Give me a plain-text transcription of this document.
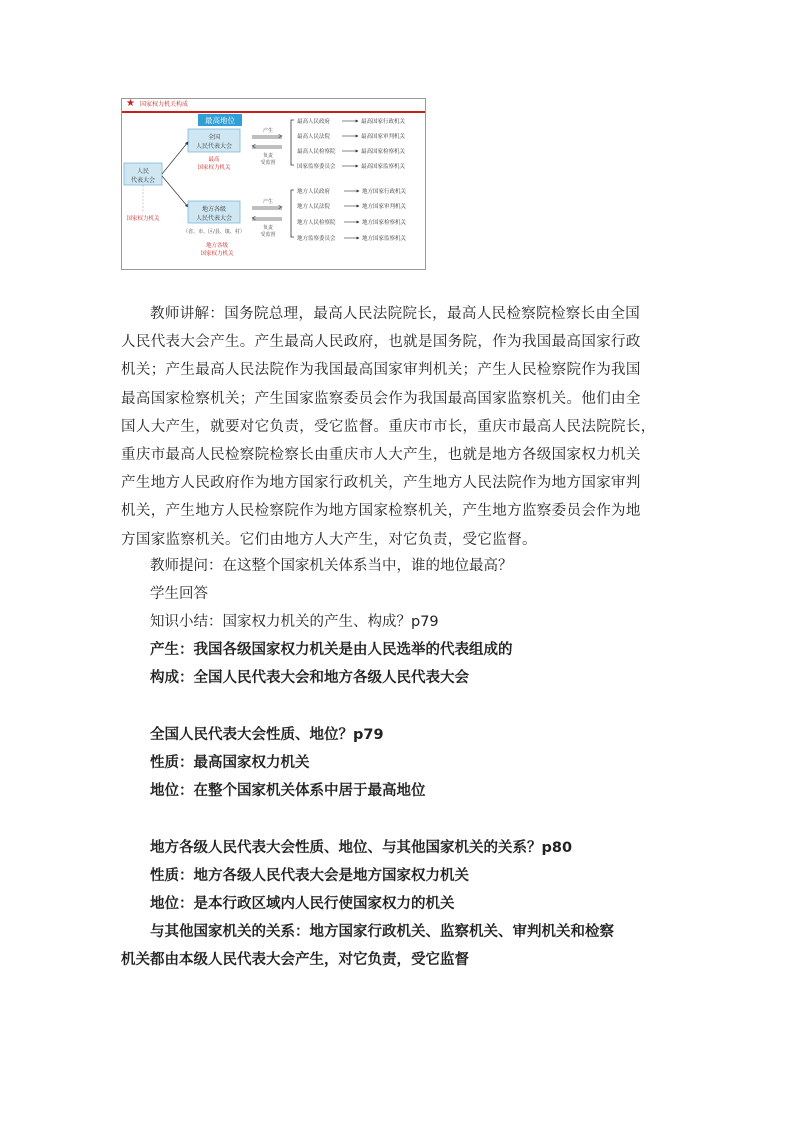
★ 国家权力机关构成
最高地位
全国
人民代表大会
最高
国家权力机关
人民
代表大会
国家权力机关
地方各级
人民代表大会
（省、市、区/县、镇、村）
地方各级
国家权力机关
产生
负责
受监督
产生
负责
受监督
最高人民政府	最高国家行政机关
最高人民法院	最高国家审判机关
最高人民检察院	最高国家检察机关
国家监察委员会	最高国家监察机关
地方人民政府	地方国家行政机关
地方人民法院	地方国家审判机关
地方人民检察院	地方国家检察机关
地方监察委员会	地方国家监察机关
教师讲解：国务院总理，最高人民法院院长，最高人民检察院检察长由全国
人民代表大会产生。产生最高人民政府，也就是国务院，作为我国最高国家行政
机关；产生最高人民法院作为我国最高国家审判机关；产生人民检察院作为我国
最高国家检察机关；产生国家监察委员会作为我国最高国家监察机关。他们由全
国人大产生，就要对它负责，受它监督。重庆市市长，重庆市最高人民法院院长，
重庆市最高人民检察院检察长由重庆市人大产生，也就是地方各级国家权力机关
产生地方人民政府作为地方国家行政机关，产生地方人民法院作为地方国家审判
机关，产生地方人民检察院作为地方国家检察机关，产生地方监察委员会作为地
方国家监察机关。它们由地方人大产生，对它负责，受它监督。
教师提问：在这整个国家机关体系当中，谁的地位最高？
学生回答
知识小结：国家权力机关的产生、构成？p79
产生：我国各级国家权力机关是由人民选举的代表组成的
构成：全国人民代表大会和地方各级人民代表大会
全国人民代表大会性质、地位？p79
性质：最高国家权力机关
地位：在整个国家机关体系中居于最高地位
地方各级人民代表大会性质、地位、与其他国家机关的关系？p80
性质：地方各级人民代表大会是地方国家权力机关
地位：是本行政区域内人民行使国家权力的机关
与其他国家机关的关系：地方国家行政机关、监察机关、审判机关和检察
机关都由本级人民代表大会产生，对它负责，受它监督
